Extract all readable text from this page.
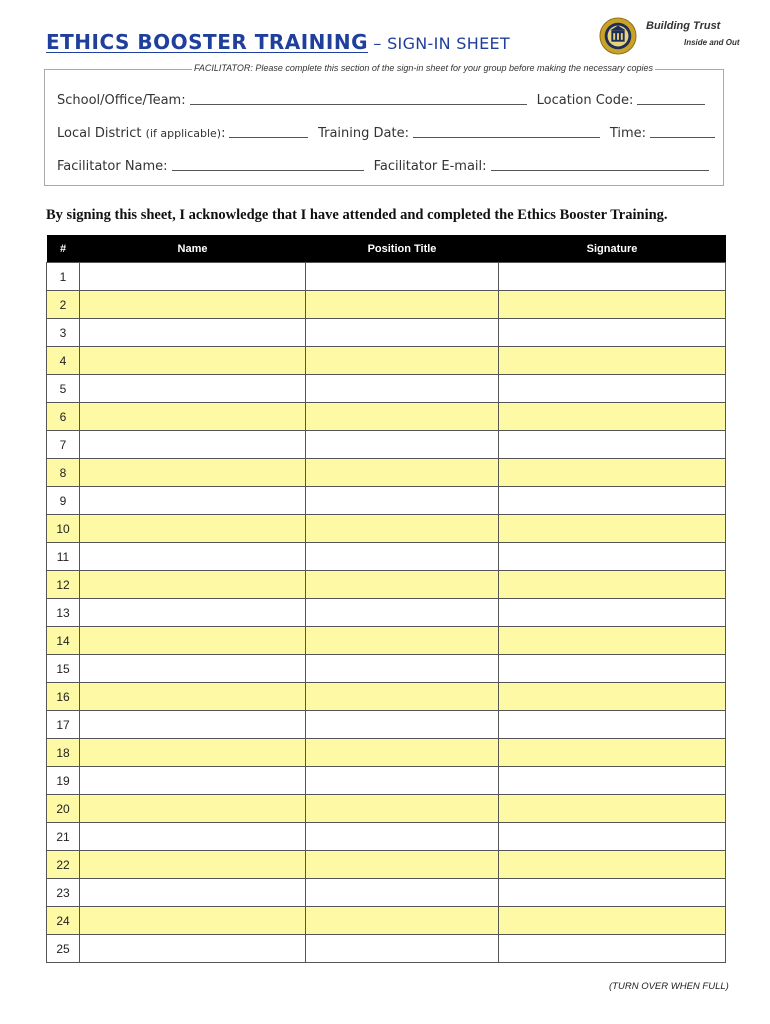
ETHICS BOOSTER TRAINING – SIGN-IN SHEET
Building Trust
Inside and Out
FACILITATOR: Please complete this section of the sign-in sheet for your group before making the necessary copies
School/Office/Team:	Location Code:
Local District (if applicable):	Training Date:	Time:
Facilitator Name:	Facilitator E-mail:
By signing this sheet, I acknowledge that I have attended and completed the Ethics Booster Training.
#	Name	Position Title	Signature
1			
2			
3			
4			
5			
6			
7			
8			
9			
10			
11			
12			
13			
14			
15			
16			
17			
18			
19			
20			
21			
22			
23			
24			
25			
(TURN OVER WHEN FULL)
